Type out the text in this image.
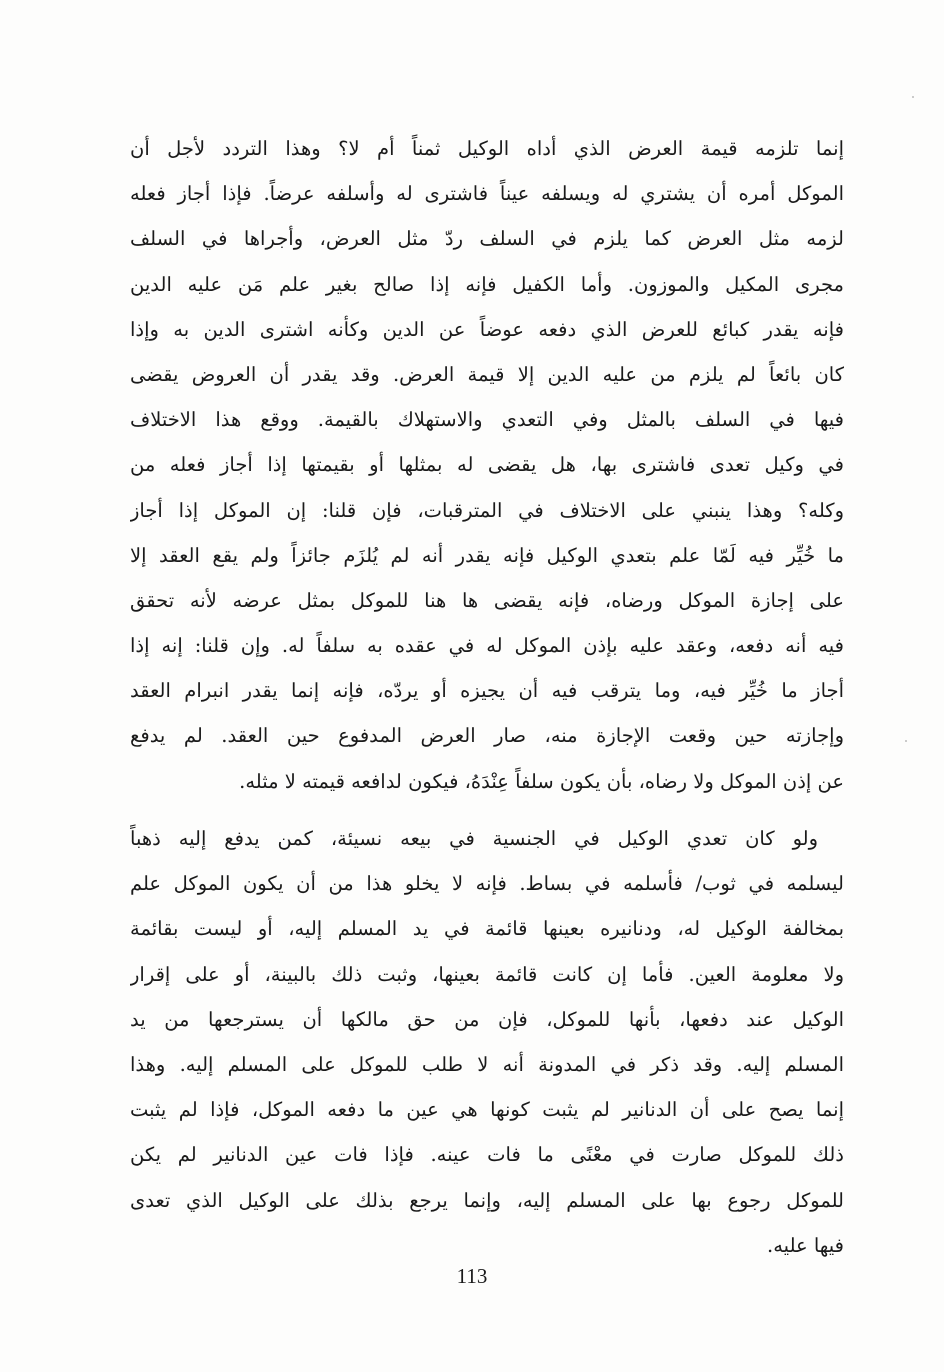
إنما تلزمه قيمة العرض الذي أداه الوكيل ثمناً أم لا؟ وهذا التردد لأجل أن
الموكل أمره أن يشتري له ويسلفه عيناً فاشترى له وأسلفه عرضاً. فإذا أجاز فعله
لزمه مثل العرض كما يلزم في السلف ردّ مثل العرض، وأجراها في السلف
مجرى المكيل والموزون. وأما الكفيل فإنه إذا صالح بغير علم مَن عليه الدين
فإنه يقدر كبائع للعرض الذي دفعه عوضاً عن الدين وكأنه اشترى الدين به وإذا
كان بائعاً لم يلزم من عليه الدين إلا قيمة العرض. وقد يقدر أن العروض يقضى
فيها في السلف بالمثل وفي التعدي والاستهلاك بالقيمة. ووقع هذا الاختلاف
في وكيل تعدى فاشترى بها، هل يقضى له بمثلها أو بقيمتها إذا أجاز فعله من
وكله؟ وهذا ينبني على الاختلاف في المترقبات، فإن قلنا: إن الموكل إذا أجاز
ما خُيِّر فيه لَمّا علم بتعدي الوكيل فإنه يقدر أنه لم يُلزَم جائزاً ولم يقع العقد إلا
على إجازة الموكل ورضاه، فإنه يقضى ها هنا للموكل بمثل عرضه لأنه تحقق
فيه أنه دفعه، وعقد عليه بإذن الموكل له في عقده به سلفاً له. وإن قلنا: إنه إذا
أجاز ما خُيِّر فيه، وما يترقب فيه أن يجيزه أو يردّه، فإنه إنما يقدر انبرام العقد
وإجازته حين وقعت الإجازة منه، صار العرض المدفوع حين العقد. لم يدفع
عن إذن الموكل ولا رضاه، بأن يكون سلفاً عِنْدَهُ، فيكون لدافعه قيمته لا مثله.
ولو كان تعدي الوكيل في الجنسية في بيعه نسيئة، كمن يدفع إليه ذهباً
ليسلمه في ثوب/ فأسلمه في بساط. فإنه لا يخلو هذا من أن يكون الموكل علم
بمخالفة الوكيل له، ودنانيره بعينها قائمة في يد المسلم إليه، أو ليست بقائمة
ولا معلومة العين. فأما إن كانت قائمة بعينها، وثبت ذلك بالبينة، أو على إقرار
الوكيل عند دفعها، بأنها للموكل، فإن من حق مالكها أن يسترجعها من يد
المسلم إليه. وقد ذكر في المدونة أنه لا طلب للموكل على المسلم إليه. وهذا
إنما يصح على أن الدنانير لم يثبت كونها هي عين ما دفعه الموكل، فإذا لم يثبت
ذلك للموكل صارت في معْنًى ما فات عينه. فإذا فات عين الدنانير لم يكن
للموكل رجوع بها على المسلم إليه، وإنما يرجع بذلك على الوكيل الذي تعدى
فيها عليه.
113
